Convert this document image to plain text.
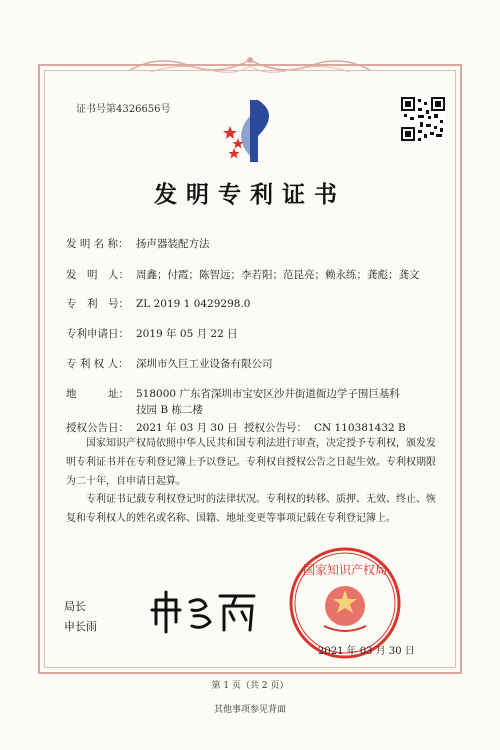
证书号第4326656号
发明专利证书
发 明 名 称： 扬声器装配方法
发　明　人： 周鑫；付霞；陈智远；李若阳；范昆亮；赖永练；龚彪；龚文
专　利　号： ZL 2019 1 0429298.0
专利申请日： 2019 年 05 月 22 日
专 利 权 人： 深圳市久巨工业设备有限公司
地　　　址： 518000 广东省深圳市宝安区沙井街道衙边学子围巨基科
技园 B 栋二楼
授权公告日： 2021 年 03 月 30 日 授权公告号： CN 110381432 B
国家知识产权局依照中华人民共和国专利法进行审查，决定授予专利权，颁发发明专利证书并在专利登记簿上予以登记。专利权自授权公告之日起生效。专利权期限为二十年，自申请日起算。
专利证书记载专利权登记时的法律状况。专利权的转移、质押、无效、终止、恢复和专利权人的姓名或名称、国籍、地址变更等事项记载在专利登记簿上。
局长
申长雨
国家知识产权局
2021 年 03 月 30 日
第 1 页（共 2 页）
其他事项参见背面
